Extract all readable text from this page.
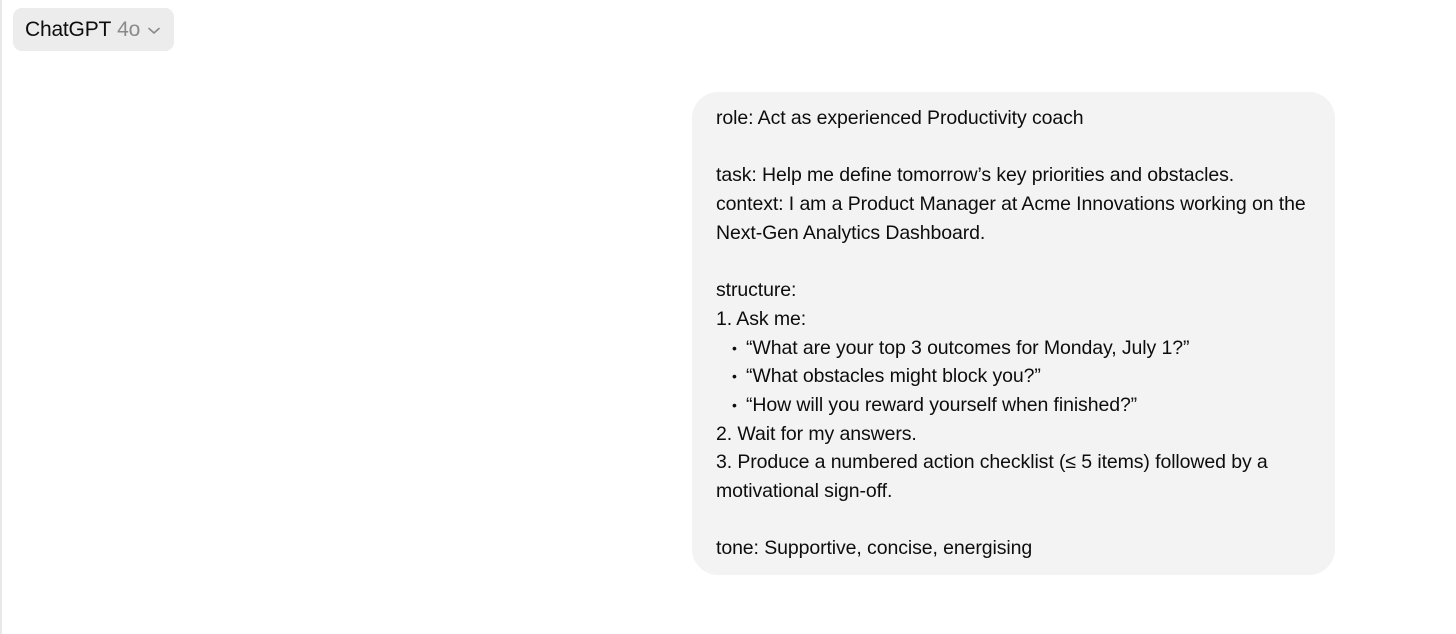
ChatGPT 4o
role: Act as experienced Productivity coach
task: Help me define tomorrow’s key priorities and obstacles.
context: I am a Product Manager at Acme Innovations working on the
Next-Gen Analytics Dashboard.
structure:
1. Ask me:
• “What are your top 3 outcomes for Monday, July 1?”
• “What obstacles might block you?”
• “How will you reward yourself when finished?”
2. Wait for my answers.
3. Produce a numbered action checklist (≤ 5 items) followed by a
motivational sign-off.
tone: Supportive, concise, energising
